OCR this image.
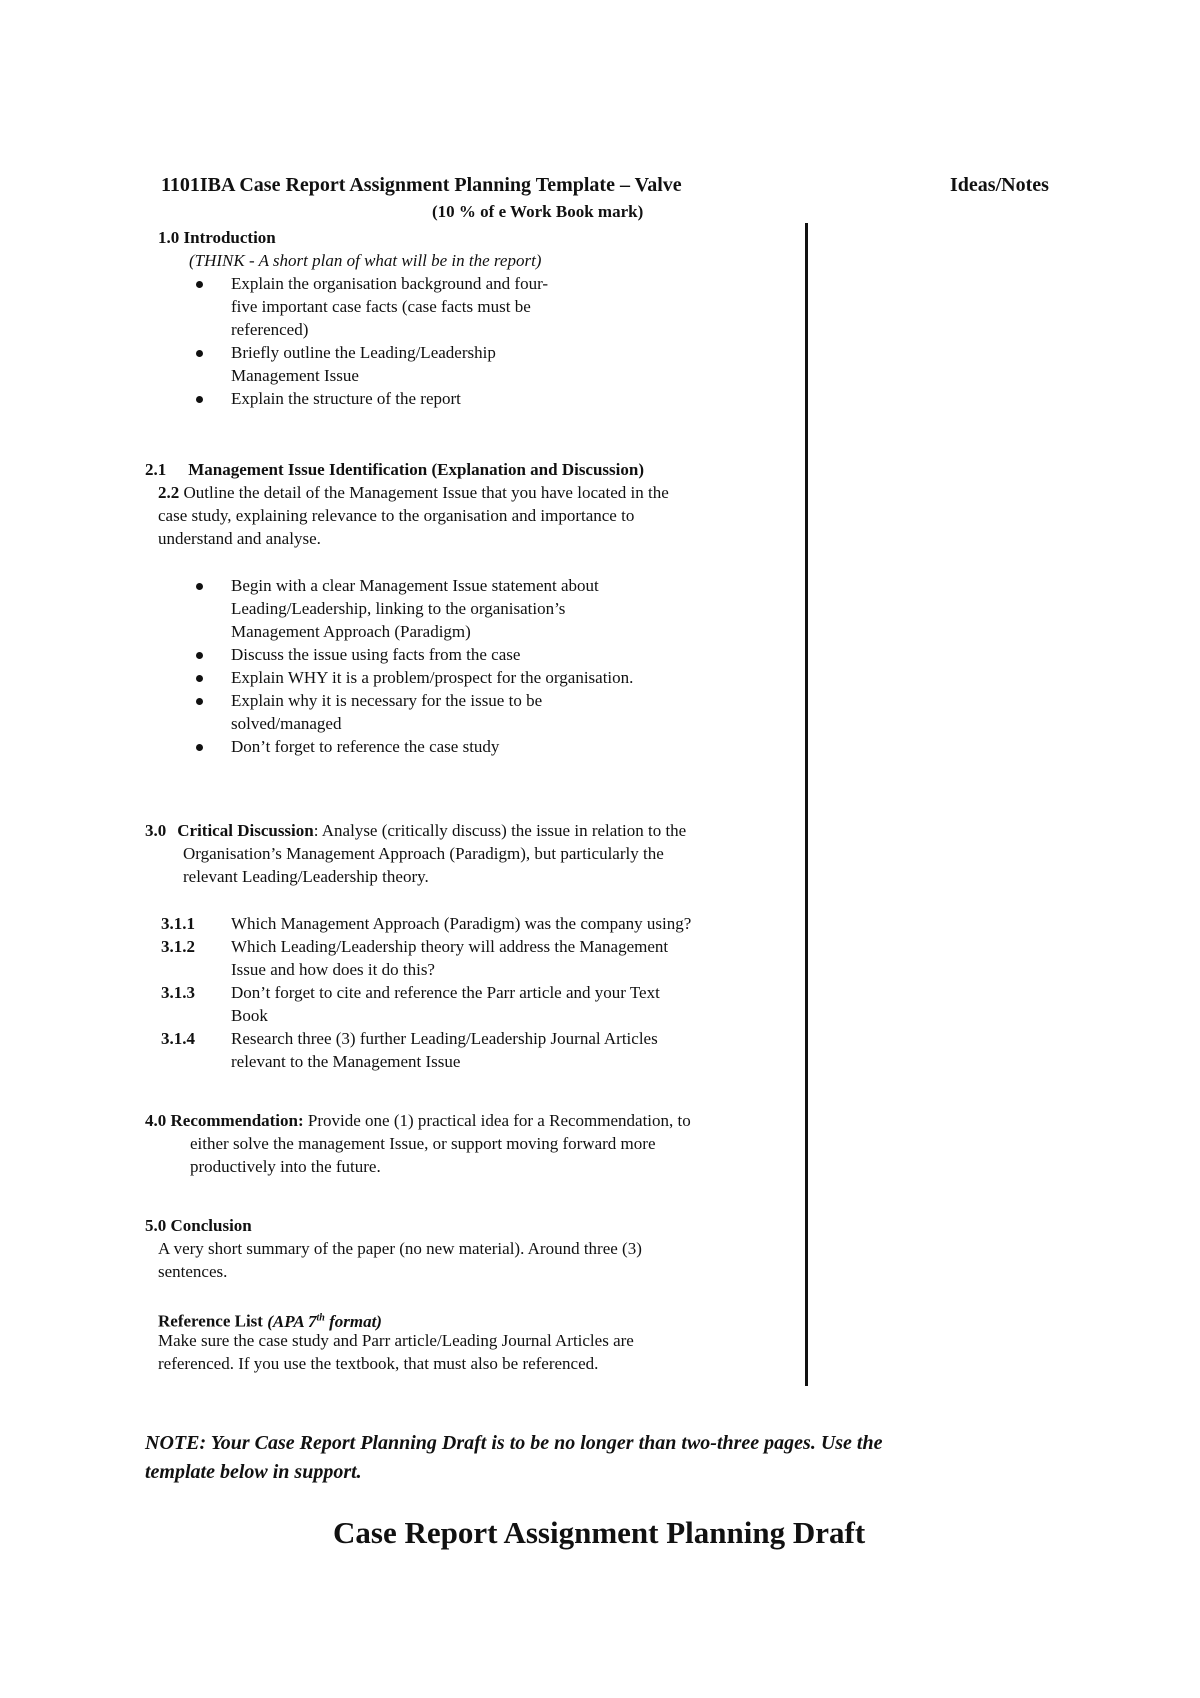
1101IBA Case Report Assignment Planning Template – Valve	Ideas/Notes
(10 % of e Work Book mark)
1.0 Introduction
(THINK - A short plan of what will be in the report)
Explain the organisation background and four-
five important case facts (case facts must be
referenced)
Briefly outline the Leading/Leadership
Management Issue
Explain the structure of the report
2.1 Management Issue Identification (Explanation and Discussion)
2.2 Outline the detail of the Management Issue that you have located in the
case study, explaining relevance to the organisation and importance to
understand and analyse.
Begin with a clear Management Issue statement about
Leading/Leadership, linking to the organisation’s
Management Approach (Paradigm)
Discuss the issue using facts from the case
Explain WHY it is a problem/prospect for the organisation.
Explain why it is necessary for the issue to be
solved/managed
Don’t forget to reference the case study
3.0 Critical Discussion: Analyse (critically discuss) the issue in relation to the
Organisation’s Management Approach (Paradigm), but particularly the
relevant Leading/Leadership theory.
3.1.1 Which Management Approach (Paradigm) was the company using?
3.1.2 Which Leading/Leadership theory will address the Management
Issue and how does it do this?
3.1.3 Don’t forget to cite and reference the Parr article and your Text
Book
3.1.4 Research three (3) further Leading/Leadership Journal Articles
relevant to the Management Issue
4.0 Recommendation: Provide one (1) practical idea for a Recommendation, to
either solve the management Issue, or support moving forward more
productively into the future.
5.0 Conclusion
A very short summary of the paper (no new material). Around three (3)
sentences.
Reference List (APA 7th format)
Make sure the case study and Parr article/Leading Journal Articles are
referenced. If you use the textbook, that must also be referenced.
NOTE: Your Case Report Planning Draft is to be no longer than two-three pages. Use the
template below in support.
Case Report Assignment Planning Draft
